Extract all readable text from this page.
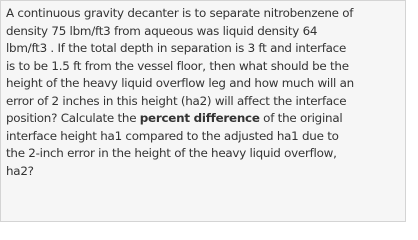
A continuous gravity decanter is to separate nitrobenzene of
density 75 lbm/ft3 from aqueous was liquid density 64
lbm/ft3 . If the total depth in separation is 3 ft and interface
is to be 1.5 ft from the vessel floor, then what should be the
height of the heavy liquid overflow leg and how much will an
error of 2 inches in this height (ha2) will affect the interface
position? Calculate the percent difference of the original
interface height ha1 compared to the adjusted ha1 due to
the 2-inch error in the height of the heavy liquid overflow,
ha2?
